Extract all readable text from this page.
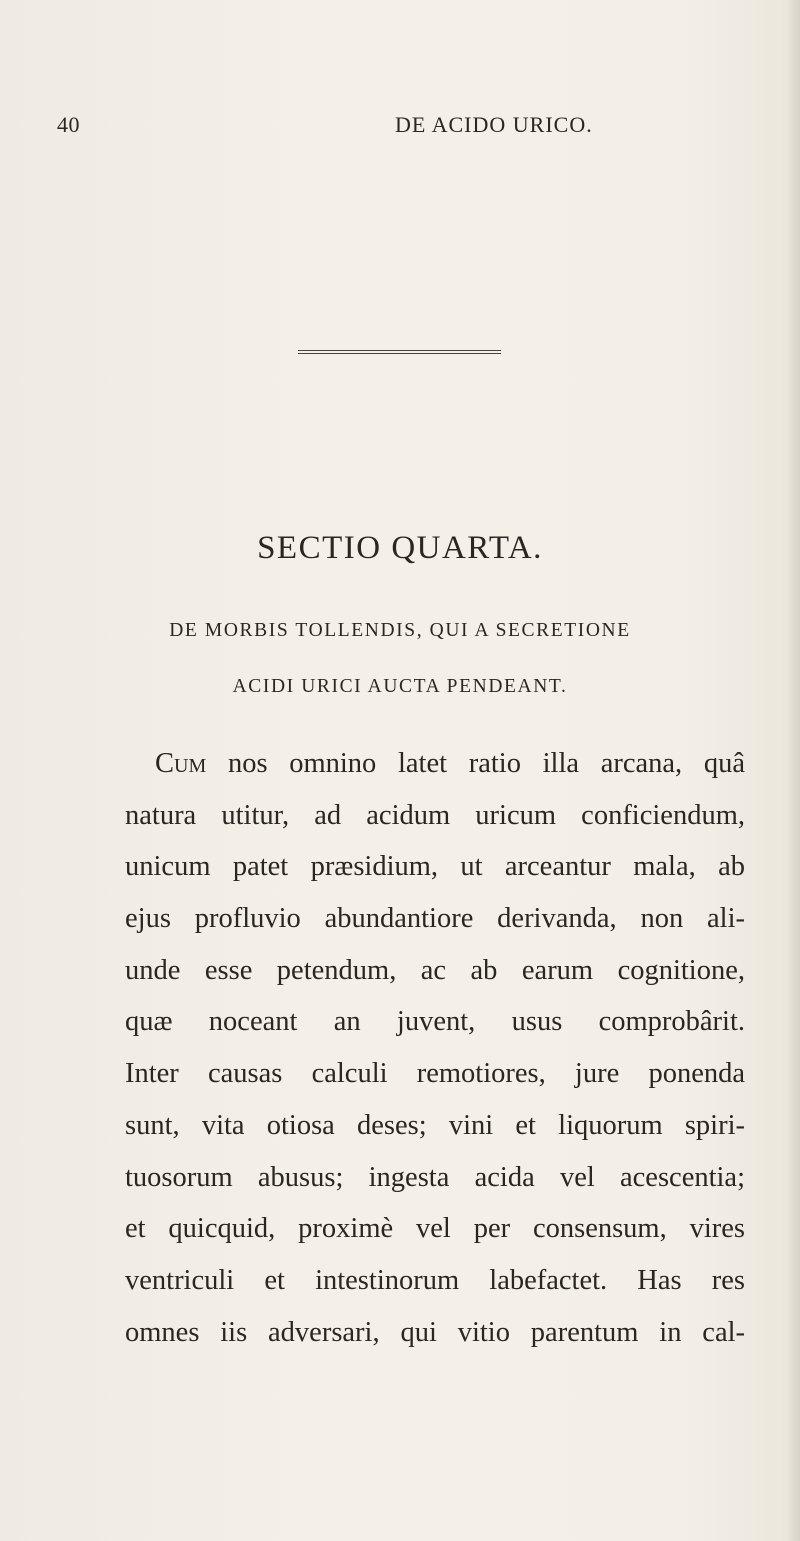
40	DE ACIDO URICO.
SECTIO QUARTA.
DE MORBIS TOLLENDIS, QUI A SECRETIONE
ACIDI URICI AUCTA PENDEANT.
Cum nos omnino latet ratio illa arcana, quâ
natura utitur, ad acidum uricum conficiendum,
unicum patet præsidium, ut arceantur mala, ab
ejus profluvio abundantiore derivanda, non ali-
unde esse petendum, ac ab earum cognitione,
quæ noceant an juvent, usus comprobârit.
Inter causas calculi remotiores, jure ponenda
sunt, vita otiosa deses; vini et liquorum spiri-
tuosorum abusus; ingesta acida vel acescentia;
et quicquid, proximè vel per consensum, vires
ventriculi et intestinorum labefactet. Has res
omnes iis adversari, qui vitio parentum in cal-
